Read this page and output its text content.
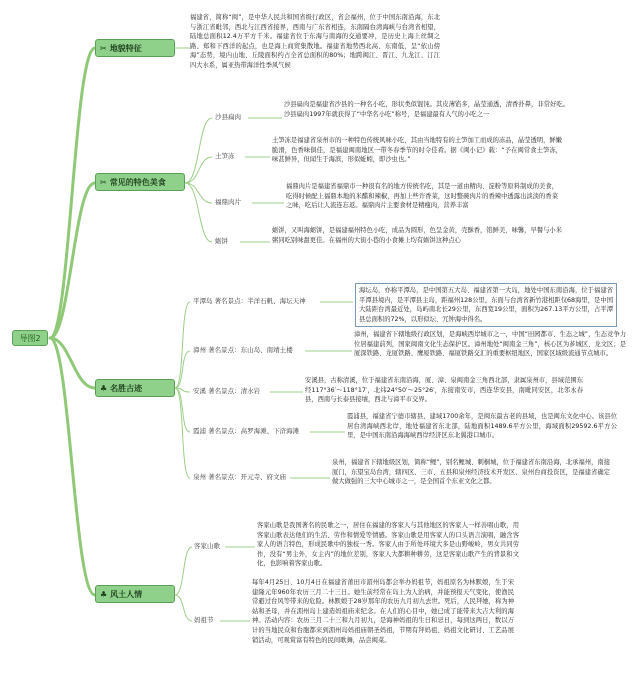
导图2
✂ 地貌特征
福建省，简称“闽”，是中华人民共和国省级行政区，省会福州，位于中国东南沿海，东北与浙江省毗邻，西北与江西省接界，西南与广东省相连，东南隔台湾海峡与台湾省相望，陆地总面积12.4万平方千米。福建省位于东海与南海的交通要冲，是历史上海上丝绸之路、郑和下西洋的起点，也是海上商贸集散地。福建省地势西北高、东南低，呈“依山傍海”态势，境内山地、丘陵面积约占全省总面积的80%；地跨闽江、晋江、九龙江、汀江四大水系，属亚热带海洋性季风气候
✂ 常见的特色美食
沙县扁肉
沙县扁肉是福建省沙县的一种名小吃，形状类似馄饨。其皮薄馅多，晶莹通透，清香扑鼻，非常好吃。沙县扁肉1997年就获得了“中华名小吃”称号，是福建最有人气的小吃之一
土笋冻
土笋冻是福建省泉州市的一种特色传统风味小吃，其由当地特有的土笋加工而成的冻品，晶莹透明，鲜嫩脆滑，色香味俱佳，是福建闽南地区一带冬春季节的时令佳肴。据《闽小记》载：“予在闽常食土笋冻，味甚鲜异，但闻生于海滨，形似蚯蚓，即沙虫也。”
福鼎肉片
福鼎肉片是福建省福鼎市一种很有名的地方传统名吃，其是一道由精肉、淀粉等原料制成的美食，吃得时候配上福鼎本地的米醋和辣椒，再加上些许香菜，这时整碗肉片的香辣中透露出淡淡的香菜之味，吃后让人流连忘返。福鼎肉片主要食材是精瘦肉，营养丰富
蛎饼
蛎饼，又叫海蛎饼，是福建福州特色小吃，成品为圆形，色呈金黄，壳酥香，馅鲜美，味馨，早餐与小米粥同吃别味甜更佳。在福州的大街小巷的小食摊上均有蛎饼这种点心
♣ 名胜古迹
平潭岛 著名景点：半洋石帆、海坛天神
海坛岛，亦称平潭岛，是中国第五大岛、福建省第一大岛，地处中国东南沿海，位于福建省平潭县境内，是平潭县主岛，距福州128公里，东面与台湾省新竹港相距仅68海里，是中国大陆距台湾最近处，岛屿南北长29公里，东西宽19公里，面积为267.13平方公里，占平潭县总面积的72%，以形似坛、冗钟海中得名。
漳州 著名景点：东山岛、南靖土楼
漳州，福建省下辖地级行政区划，是海峡西岸城市之一，中国“田园都市、生态之城”，生态竞争力位居福建前列，国家闽南文化生态保护区。漳州地处“闽南金三角”，核心区为芗城区、龙文区；是厦深铁路、龙厦铁路、鹰厦铁路、福厦铁路交汇的重要枢纽地区，国家区域级流通节点城市。
安溪 著名景点：清水岩
安溪县，古称清溪，位于福建省东南沿海，厦、漳、泉闽南金三角西北部，隶属泉州市，县域范围东经117°36′～118°17′，北纬24°50′～25°26′，东接南安市，西连华安县，南毗同安区，北邻永春县，西南与长泰县接壤，西北与漳平市交界。
霞浦 著名景点：高罗海滩、下浒海滩
霞浦县，福建省宁德市辖县，建域1700余年，是闽东最古老的县域，也是闽东文化中心。该县位居台湾海峡西北岸，地处福建省东北部，陆地面积1489.6平方公里，海域面积29592.6平方公里，是中国东南沿海海峡西岸经济区东北翼港口城市。
泉州 著名景点：开元寺、府文庙
泉州，福建省下辖地级区划，简称“鲤”，别名鲤城、刺桐城，位于福建省东南沿海，北承福州，南接厦门，东望宝岛台湾，辖四区、三市、五县和泉州经济技术开发区、泉州台商投资区，是福建省确定做大做强的三大中心城市之一，是全国首个东亚文化之都。
♣ 风土人情
客家山歌
客家山歌是我国著名的民歌之一，居住在福建的客家人与其他地区的客家人一样善唱山歌，用客家山歌表达他们的生活、劳作和情爱等情感。客家山歌是用客家人的口头语言演唱，融含客家人的语言特色，形成民歌中的独枝一秀。客家人由于所处环境大多是山野峻岭，男女共同劳作，没有“男主外，女主内”的地位差别，客家人大都耕种耕劳，这是客家山歌产生的背景和文化，也影响着客家山歌。
妈祖节
每年4月25日、10月4日在福建省莆田市湄州岛都会举办妈祖节，妈祖原名为林默娘，生于宋建隆元年960年农历三月二十三日。她生前经常在岛上为人治病，并能预报天气变化，使渔民常避过台风等带来的危险。林默娘于28岁那年的农历九月初九去世。死后，人民拜她，称为神姑和圣母，并在湄州岛上建造妈祖庙来纪念。在人们的心目中，她已成了能带来大吉大利的海神。活动内容：农历三月二十三和九月初九，是海神妈祖的生日和忌日，每到这两日，数以万计的当地民众和台胞都来到湄州岛妈祖庙朝圣妈祖，节期有拜妈祖、妈祖文化研讨、工艺品展销活动，可观赏富有特色的民间歌舞，品尝闽菜。
